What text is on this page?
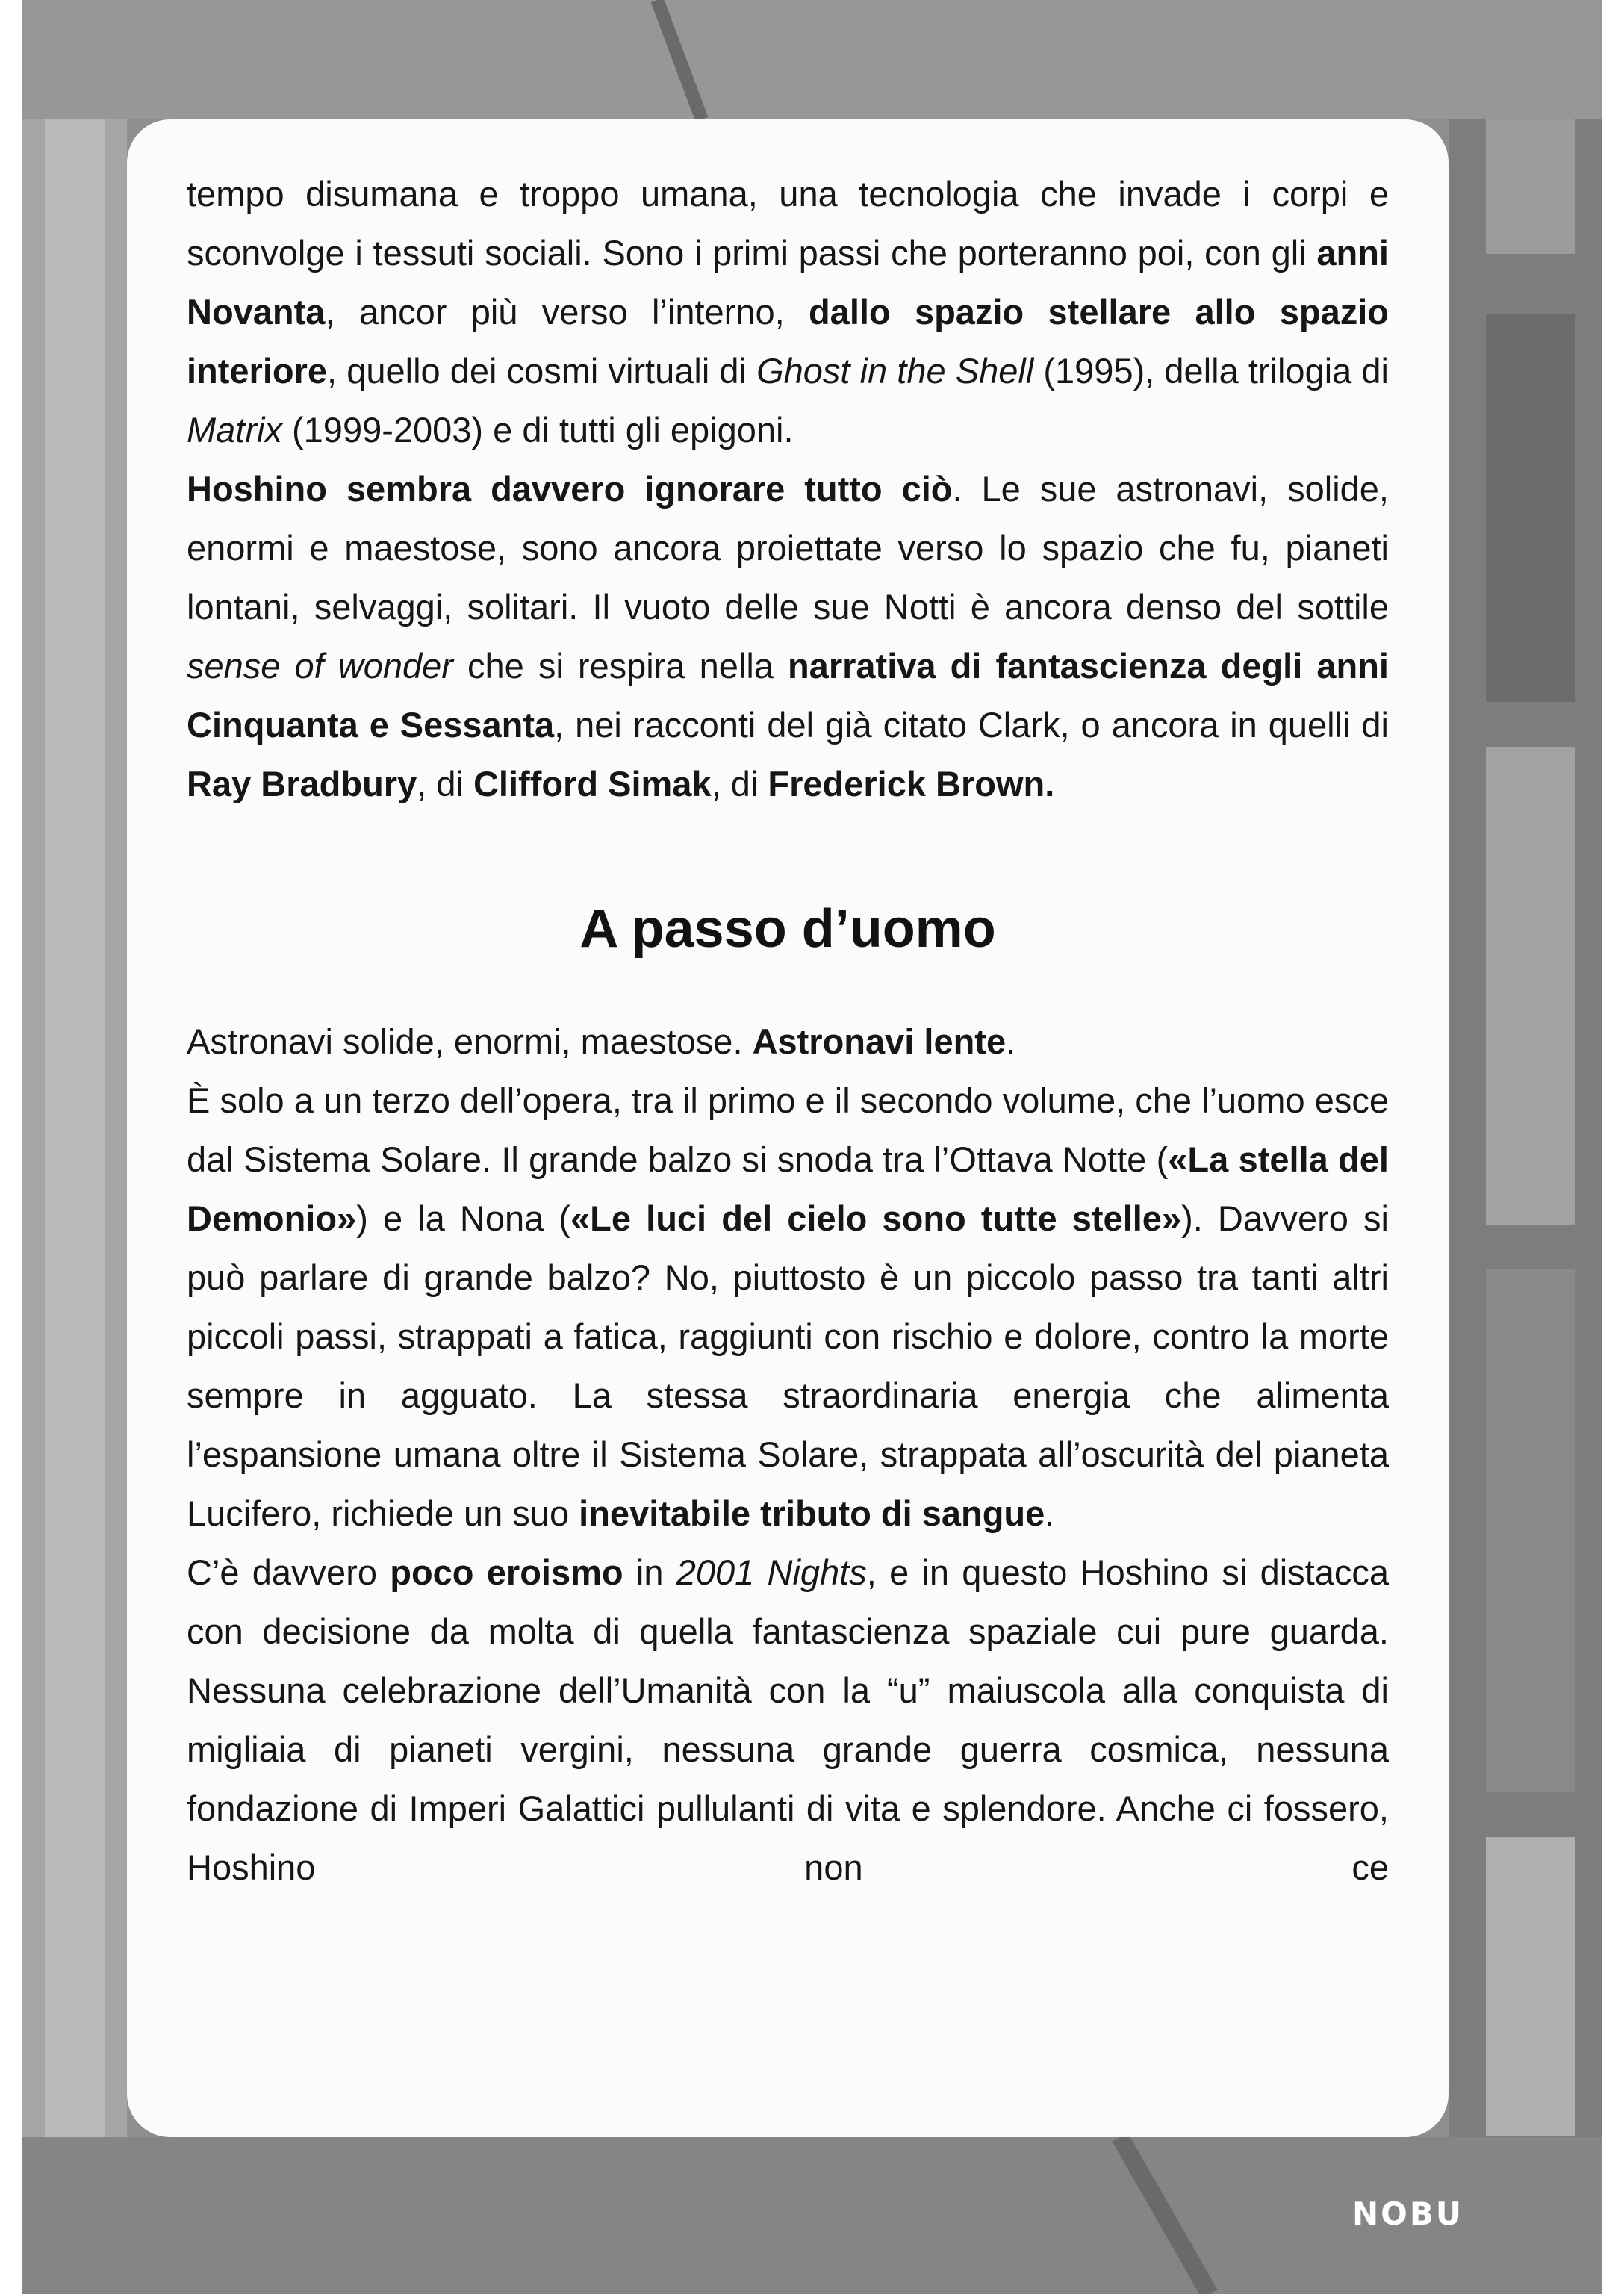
tempo disumana e troppo umana, una tecnologia che invade i corpi e sconvolge i tessuti sociali. Sono i primi passi che porteranno poi, con gli anni Novanta, ancor più verso l’interno, dallo spazio stellare allo spazio interiore, quello dei cosmi virtuali di Ghost in the Shell (1995), della trilogia di Matrix (1999-2003) e di tutti gli epigoni.

Hoshino sembra davvero ignorare tutto ciò. Le sue astronavi, solide, enormi e maestose, sono ancora proiettate verso lo spazio che fu, pianeti lontani, selvaggi, solitari. Il vuoto delle sue Notti è ancora denso del sottile sense of wonder che si respira nella narrativa di fantascienza degli anni Cinquanta e Sessanta, nei racconti del già citato Clark, o ancora in quelli di Ray Bradbury, di Clifford Simak, di Frederick Brown.

A passo d’uomo

Astronavi solide, enormi, maestose. Astronavi lente.

È solo a un terzo dell’opera, tra il primo e il secondo volume, che l’uomo esce dal Sistema Solare. Il grande balzo si snoda tra l’Ottava Notte («La stella del Demonio») e la Nona («Le luci del cielo sono tutte stelle»). Davvero si può parlare di grande balzo? No, piuttosto è un piccolo passo tra tanti altri piccoli passi, strappati a fatica, raggiunti con rischio e dolore, contro la morte sempre in agguato. La stessa straordinaria energia che alimenta l’espansione umana oltre il Sistema Solare, strappata all’oscurità del pianeta Lucifero, richiede un suo inevitabile tributo di sangue.

C’è davvero poco eroismo in 2001 Nights, e in questo Hoshino si distacca con decisione da molta di quella fantascienza spaziale cui pure guarda. Nessuna celebrazione dell’Umanità con la “u” maiuscola alla conquista di migliaia di pianeti vergini, nessuna grande guerra cosmica, nessuna fondazione di Imperi Galattici pullulanti di vita e splendore. Anche ci fossero, Hoshino non ce

NOBU
